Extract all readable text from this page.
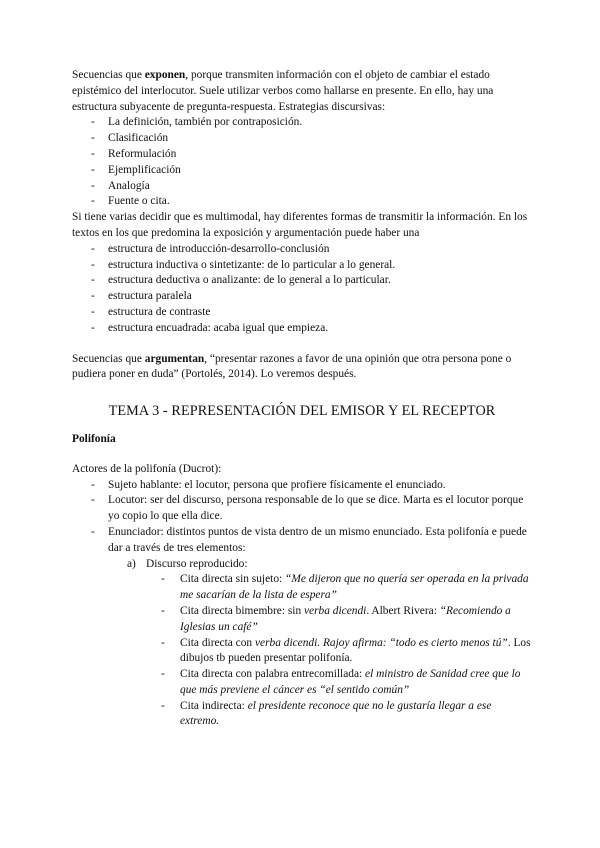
Secuencias que exponen, porque transmiten información con el objeto de cambiar el estado epistémico del interlocutor. Suele utilizar verbos como hallarse en presente. En ello, hay una estructura subyacente de pregunta-respuesta. Estrategias discursivas:

- La definición, también por contraposición.
- Clasificación
- Reformulación
- Ejemplificación
- Analogía
- Fuente o cita.

Si tiene varias decidir que es multimodal, hay diferentes formas de transmitir la información. En los textos en los que predomina la exposición y argumentación puede haber una

- estructura de introducción-desarrollo-conclusión
- estructura inductiva o sintetizante: de lo particular a lo general.
- estructura deductiva o analizante: de lo general a lo particular.
- estructura paralela
- estructura de contraste
- estructura encuadrada: acaba igual que empieza.

Secuencias que argumentan, “presentar razones a favor de una opinión que otra persona pone o pudiera poner en duda” (Portolés, 2014). Lo veremos después.

TEMA 3 - REPRESENTACIÓN DEL EMISOR Y EL RECEPTOR
Polifonía

Actores de la polifonía (Ducrot):

- Sujeto hablante: el locutor, persona que profiere físicamente el enunciado.
- Locutor: ser del discurso, persona responsable de lo que se dice. Marta es el locutor porque yo copio lo que ella dice.
- Enunciador: distintos puntos de vista dentro de un mismo enunciado. Esta polifonía e puede dar a través de tres elementos:
a) Discurso reproducido:
- Cita directa sin sujeto: “Me dijeron que no quería ser operada en la privada me sacarían de la lista de espera”
- Cita directa bimembre: sin verba dicendi. Albert Rivera: “Recomiendo a Iglesias un café”
- Cita directa con verba dicendi. Rajoy afirma: “todo es cierto menos tú”. Los dibujos tb pueden presentar polifonía.
- Cita directa con palabra entrecomillada: el ministro de Sanidad cree que lo que más previene el cáncer es “el sentido común”
- Cita indirecta: el presidente reconoce que no le gustaría llegar a ese extremo.
